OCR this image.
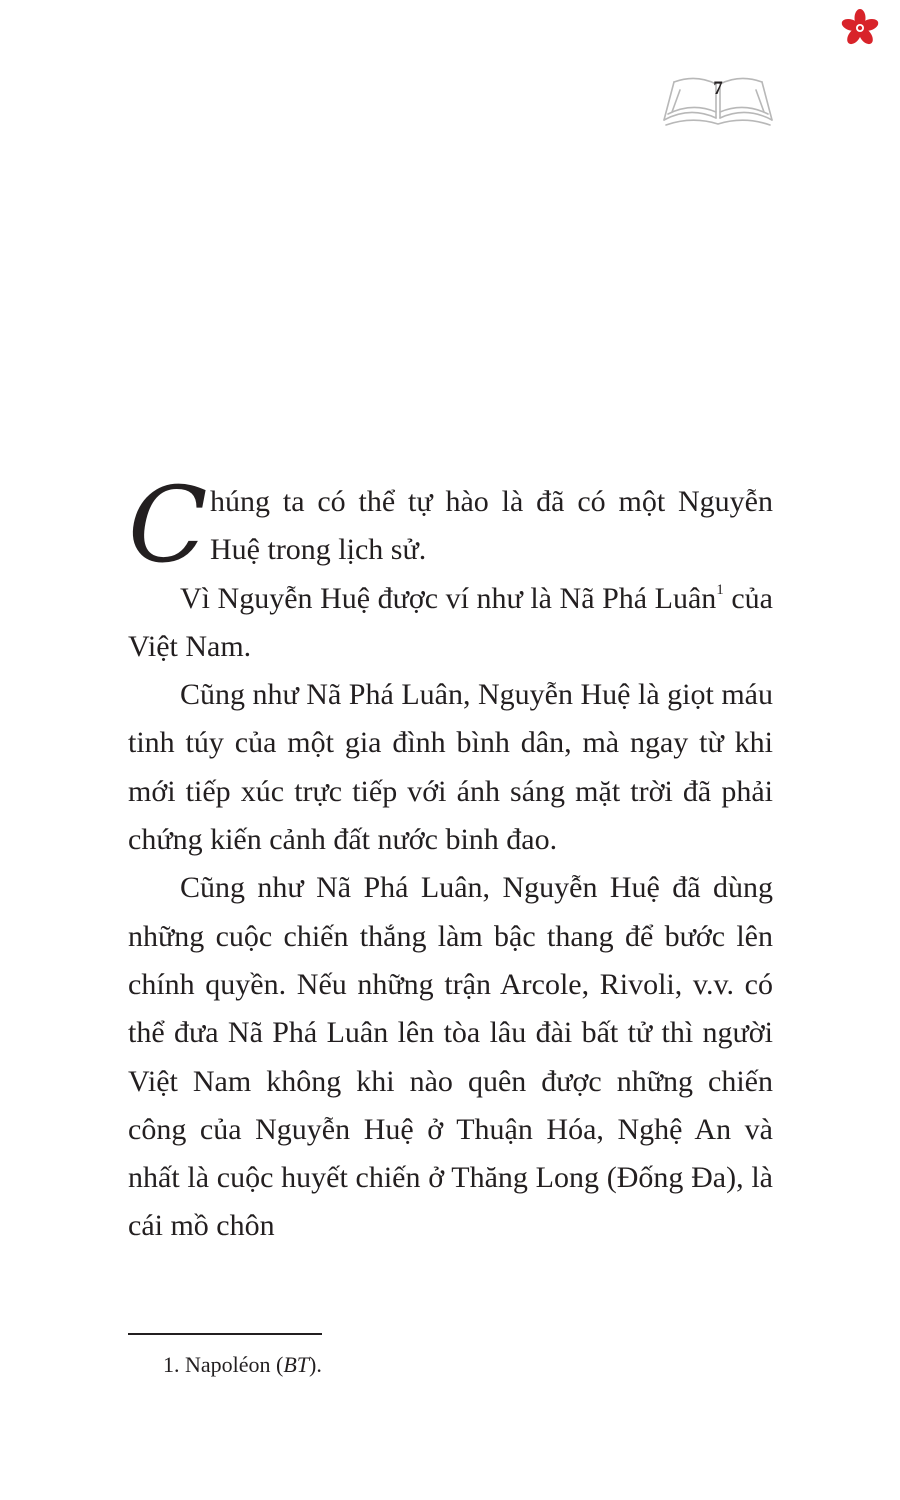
7

Chúng ta có thể tự hào là đã có một Nguyễn Huệ trong lịch sử.

Vì Nguyễn Huệ được ví như là Nã Phá Luân$^1$ của Việt Nam.

Cũng như Nã Phá Luân, Nguyễn Huệ là giọt máu tinh túy của một gia đình bình dân, mà ngay từ khi mới tiếp xúc trực tiếp với ánh sáng mặt trời đã phải chứng kiến cảnh đất nước binh đao.

Cũng như Nã Phá Luân, Nguyễn Huệ đã dùng những cuộc chiến thắng làm bậc thang để bước lên chính quyền. Nếu những trận Arcole, Rivoli, v.v. có thể đưa Nã Phá Luân lên tòa lâu đài bất tử thì người Việt Nam không khi nào quên được những chiến công của Nguyễn Huệ ở Thuận Hóa, Nghệ An và nhất là cuộc huyết chiến ở Thăng Long (Đống Đa), là cái mồ chôn

1. Napoléon (BT).
